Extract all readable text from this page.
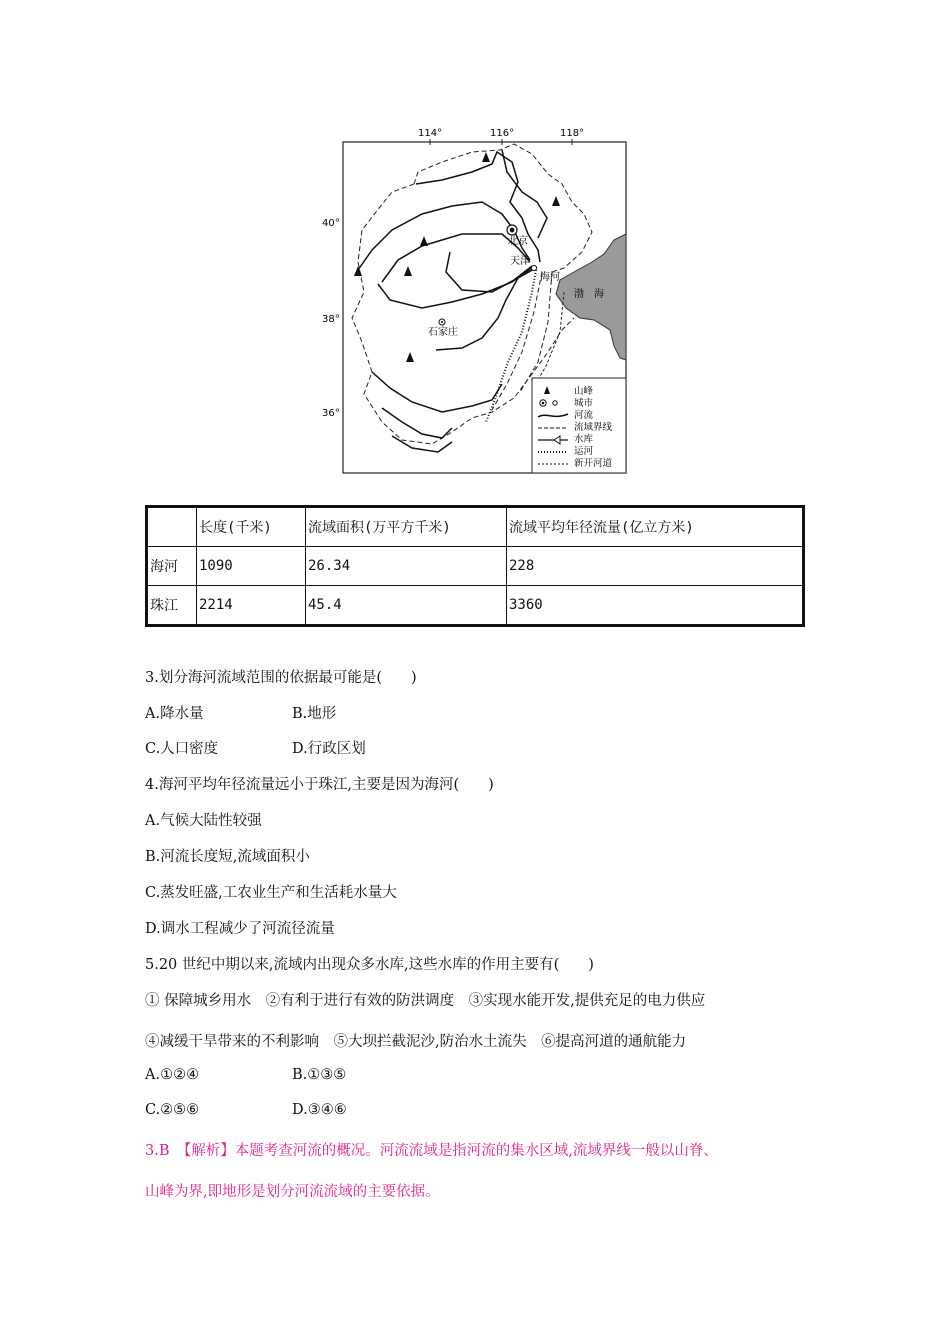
114°	116°	118°
40°
38°
36°
渤　海
北京
天津
石家庄
海河
山峰
城市
河流
流域界线
水库
运河
新开河道
	长度(千米)	流域面积(万平方千米)	流域平均年径流量(亿立方米)
海河	1090	26.34	228
珠江	2214	45.4	3360
3.划分海河流域范围的依据最可能是(　　)
A.降水量	B.地形
C.人口密度	D.行政区划
4.海河平均年径流量远小于珠江,主要是因为海河(　　)
A.气候大陆性较强
B.河流长度短,流域面积小
C.蒸发旺盛,工农业生产和生活耗水量大
D.调水工程减少了河流径流量
5.20 世纪中期以来,流域内出现众多水库,这些水库的作用主要有(　　)
① 保障城乡用水　②有利于进行有效的防洪调度　③实现水能开发,提供充足的电力供应
④减缓干旱带来的不利影响　⑤大坝拦截泥沙,防治水土流失　⑥提高河道的通航能力
A.①②④	B.①③⑤
C.②⑤⑥	D.③④⑥
3.B　【解析】本题考查河流的概况。河流流域是指河流的集水区域,流域界线一般以山脊、
山峰为界,即地形是划分河流流域的主要依据。
